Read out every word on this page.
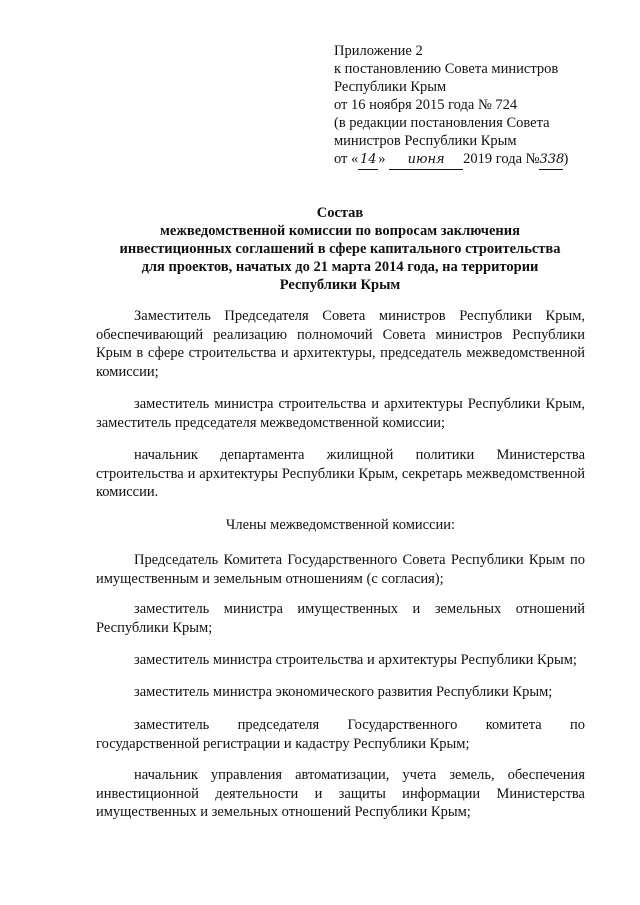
Приложение 2
к постановлению Совета министров
Республики Крым
от 16 ноября 2015 года № 724
(в редакции постановления Совета
министров Республики Крым
от « 14 » июня 2019 года №338)
Состав
межведомственной комиссии по вопросам заключения
инвестиционных соглашений в сфере капитального строительства
для проектов, начатых до 21 марта 2014 года, на территории
Республики Крым
Заместитель Председателя Совета министров Республики Крым,
обеспечивающий реализацию полномочий Совета министров Республики
Крым в сфере строительства и архитектуры, председатель межведомственной
комиссии;
заместитель министра строительства и архитектуры Республики Крым,
заместитель председателя межведомственной комиссии;
начальник департамента жилищной политики Министерства
строительства и архитектуры Республики Крым, секретарь межведомственной
комиссии.
Члены межведомственной комиссии:
Председатель Комитета Государственного Совета Республики Крым по
имущественным и земельным отношениям (с согласия);
заместитель министра имущественных и земельных отношений
Республики Крым;
заместитель министра строительства и архитектуры Республики Крым;
заместитель министра экономического развития Республики Крым;
заместитель председателя Государственного комитета по
государственной регистрации и кадастру Республики Крым;
начальник управления автоматизации, учета земель, обеспечения
инвестиционной деятельности и защиты информации Министерства
имущественных и земельных отношений Республики Крым;
